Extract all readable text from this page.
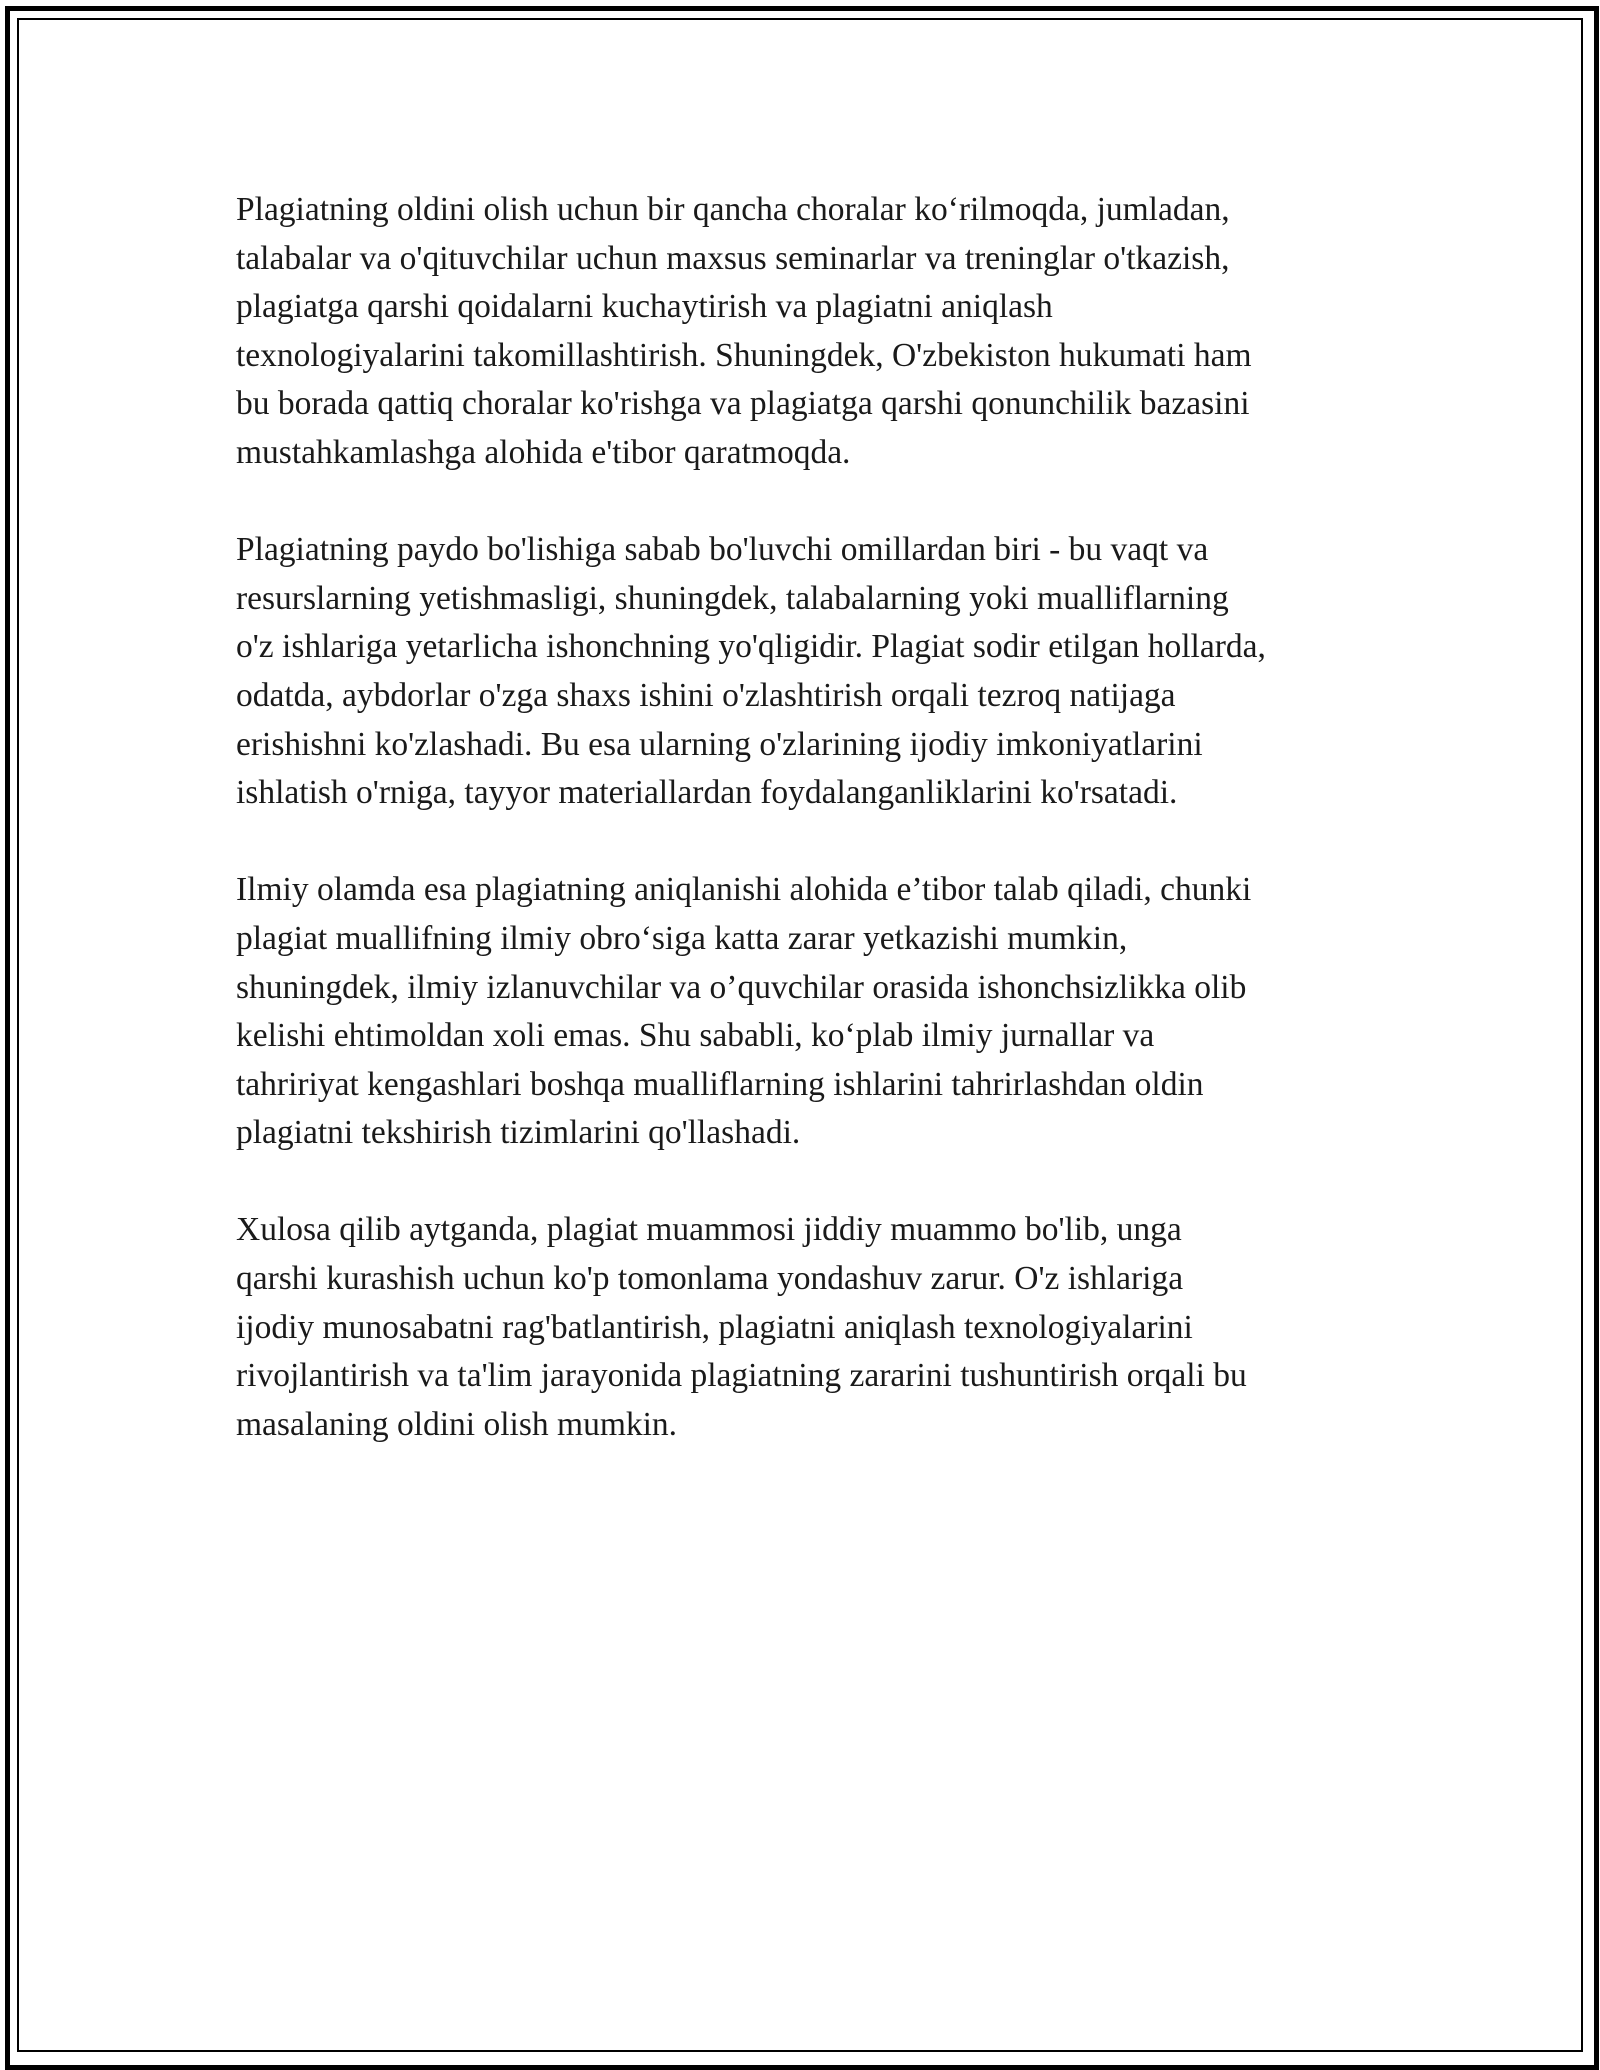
Plagiatning oldini olish uchun bir qancha choralar ko‘rilmoqda, jumladan,
talabalar va o'qituvchilar uchun maxsus seminarlar va treninglar o'tkazish,
plagiatga qarshi qoidalarni kuchaytirish va plagiatni aniqlash
texnologiyalarini takomillashtirish. Shuningdek, O'zbekiston hukumati ham
bu borada qattiq choralar ko'rishga va plagiatga qarshi qonunchilik bazasini
mustahkamlashga alohida e'tibor qaratmoqda.

Plagiatning paydo bo'lishiga sabab bo'luvchi omillardan biri - bu vaqt va
resurslarning yetishmasligi, shuningdek, talabalarning yoki mualliflarning
o'z ishlariga yetarlicha ishonchning yo'qligidir. Plagiat sodir etilgan hollarda,
odatda, aybdorlar o'zga shaxs ishini o'zlashtirish orqali tezroq natijaga
erishishni ko'zlashadi. Bu esa ularning o'zlarining ijodiy imkoniyatlarini
ishlatish o'rniga, tayyor materiallardan foydalanganliklarini ko'rsatadi.

Ilmiy olamda esa plagiatning aniqlanishi alohida e’tibor talab qiladi, chunki
plagiat muallifning ilmiy obro‘siga katta zarar yetkazishi mumkin,
shuningdek, ilmiy izlanuvchilar va o’quvchilar orasida ishonchsizlikka olib
kelishi ehtimoldan xoli emas. Shu sababli, ko‘plab ilmiy jurnallar va
tahririyat kengashlari boshqa mualliflarning ishlarini tahrirlashdan oldin
plagiatni tekshirish tizimlarini qo'llashadi.

Xulosa qilib aytganda, plagiat muammosi jiddiy muammo bo'lib, unga
qarshi kurashish uchun ko'p tomonlama yondashuv zarur. O'z ishlariga
ijodiy munosabatni rag'batlantirish, plagiatni aniqlash texnologiyalarini
rivojlantirish va ta'lim jarayonida plagiatning zararini tushuntirish orqali bu
masalaning oldini olish mumkin.
